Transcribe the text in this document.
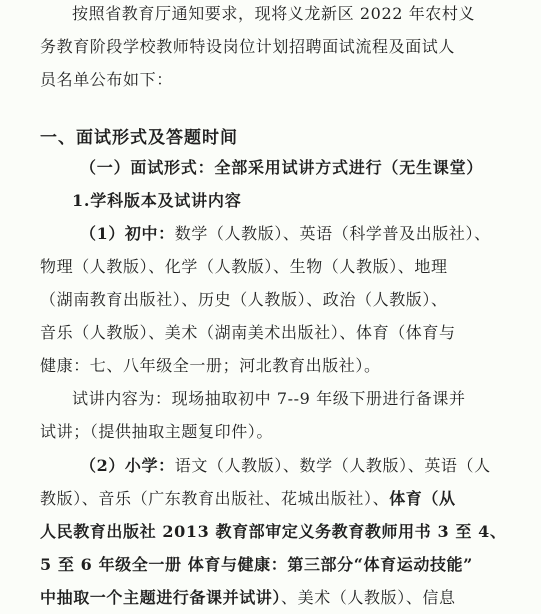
按照省教育厅通知要求，现将义龙新区 2022 年农村义
务教育阶段学校教师特设岗位计划招聘面试流程及面试人
员名单公布如下：
一、面试形式及答题时间
（一）面试形式：全部采用试讲方式进行（无生课堂）
1.学科版本及试讲内容
（1）初中：数学（人教版）、英语（科学普及出版社）、
物理（人教版）、化学（人教版）、生物（人教版）、地理
（湖南教育出版社）、历史（人教版）、政治（人教版）、
音乐（人教版）、美术（湖南美术出版社）、体育（体育与
健康：七、八年级全一册；河北教育出版社）。
试讲内容为：现场抽取初中 7--9 年级下册进行备课并
试讲；（提供抽取主题复印件）。
（2）小学：语文（人教版）、数学（人教版）、英语（人
教版）、音乐（广东教育出版社、花城出版社）、体育（从
人民教育出版社 2013 教育部审定义务教育教师用书 3 至 4、
5 至 6 年级全一册 体育与健康：第三部分“体育运动技能”
中抽取一个主题进行备课并试讲）、美术（人教版）、信息
